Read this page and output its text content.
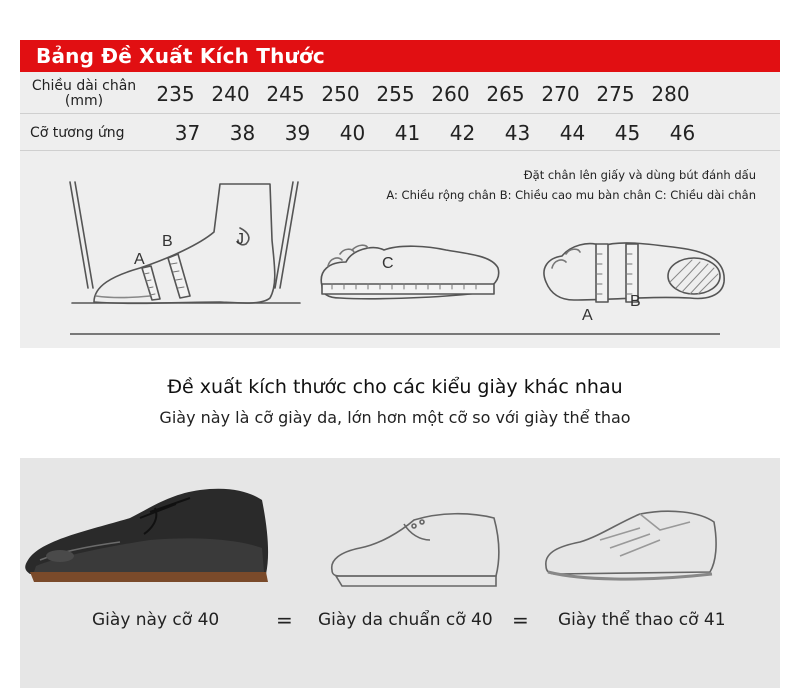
Bảng Đề Xuất Kích Thước
Chiều dài chân (mm)	235 240 245 250 255 260 265 270 275 280
Cỡ tương ứng	37	38	39	40	41	42	43	44	45	46
Đặt chân lên giấy và dùng bút đánh dấu
A: Chiều rộng chân B: Chiều cao mu bàn chân C: Chiều dài chân
A
B	J
C
A
B
Đề xuất kích thước cho các kiểu giày khác nhau
Giày này là cỡ giày da, lớn hơn một cỡ so với giày thể thao
Giày này cỡ 40	= Giày da chuẩn cỡ 40 = Giày thể thao cỡ 41
